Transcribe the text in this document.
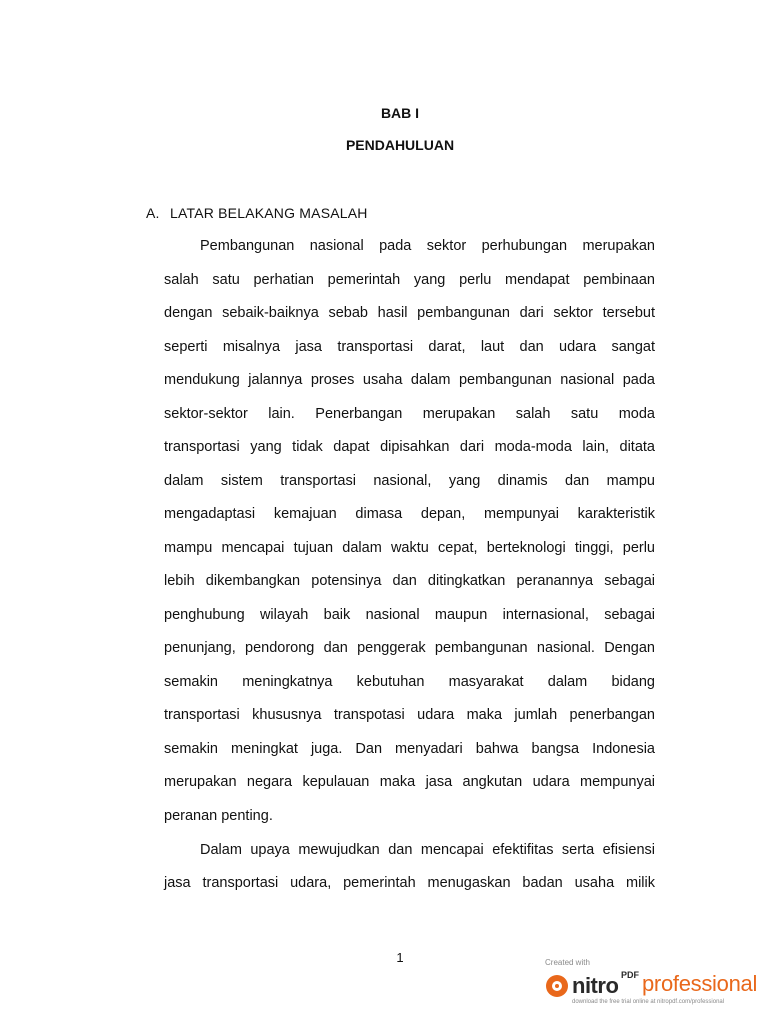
BAB I
PENDAHULUAN
A. LATAR BELAKANG MASALAH
Pembangunan nasional pada sektor perhubungan merupakan
salah satu perhatian pemerintah yang perlu mendapat pembinaan
dengan sebaik-baiknya sebab hasil pembangunan dari sektor tersebut
seperti misalnya jasa transportasi darat, laut dan udara sangat
mendukung jalannya proses usaha dalam pembangunan nasional pada
sektor-sektor lain. Penerbangan merupakan salah satu moda
transportasi yang tidak dapat dipisahkan dari moda-moda lain, ditata
dalam sistem transportasi nasional, yang dinamis dan mampu
mengadaptasi kemajuan dimasa depan, mempunyai karakteristik
mampu mencapai tujuan dalam waktu cepat, berteknologi tinggi, perlu
lebih dikembangkan potensinya dan ditingkatkan peranannya sebagai
penghubung wilayah baik nasional maupun internasional, sebagai
penunjang, pendorong dan penggerak pembangunan nasional. Dengan
semakin meningkatnya kebutuhan masyarakat dalam bidang
transportasi khususnya transpotasi udara maka jumlah penerbangan
semakin meningkat juga. Dan menyadari bahwa bangsa Indonesia
merupakan negara kepulauan maka jasa angkutan udara mempunyai
peranan penting.
Dalam upaya mewujudkan dan mencapai efektifitas serta efisiensi
jasa transportasi udara, pemerintah menugaskan badan usaha milik
1	Created with
nitro PDF professional
download the free trial online at nitropdf.com/professional
